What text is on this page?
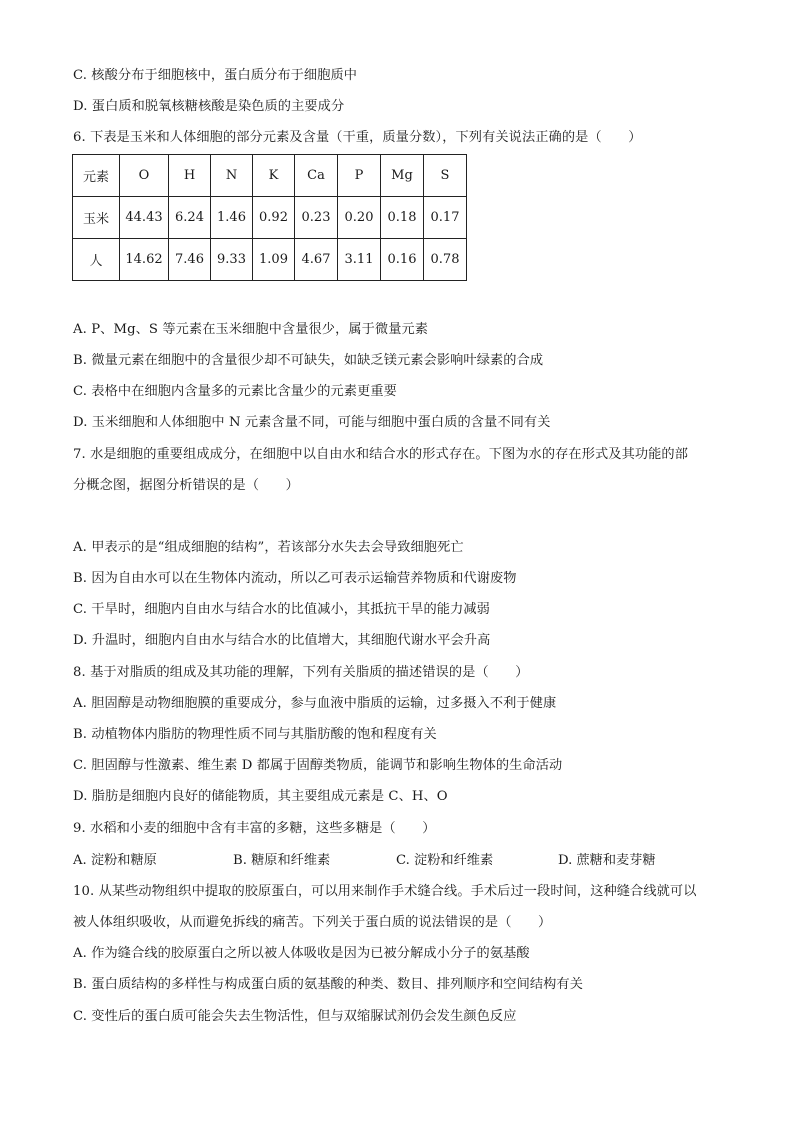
C. 核酸分布于细胞核中，蛋白质分布于细胞质中
D. 蛋白质和脱氧核糖核酸是染色质的主要成分
6. 下表是玉米和人体细胞的部分元素及含量（干重，质量分数），下列有关说法正确的是（　　）
元素	O	H	N	K	Ca	P	Mg	S
玉米	44.43	6.24	1.46	0.92	0.23	0.20	0.18	0.17
人	14.62	7.46	9.33	1.09	4.67	3.11	0.16	0.78
A. P、Mg、S 等元素在玉米细胞中含量很少，属于微量元素
B. 微量元素在细胞中的含量很少却不可缺失，如缺乏镁元素会影响叶绿素的合成
C. 表格中在细胞内含量多的元素比含量少的元素更重要
D. 玉米细胞和人体细胞中 N 元素含量不同，可能与细胞中蛋白质的含量不同有关
7. 水是细胞的重要组成成分，在细胞中以自由水和结合水的形式存在。下图为水的存在形式及其功能的部
分概念图，据图分析错误的是（　　）
A. 甲表示的是“组成细胞的结构”，若该部分水失去会导致细胞死亡
B. 因为自由水可以在生物体内流动，所以乙可表示运输营养物质和代谢废物
C. 干旱时，细胞内自由水与结合水的比值减小，其抵抗干旱的能力减弱
D. 升温时，细胞内自由水与结合水的比值增大，其细胞代谢水平会升高
8. 基于对脂质的组成及其功能的理解，下列有关脂质的描述错误的是（　　）
A. 胆固醇是动物细胞膜的重要成分，参与血液中脂质的运输，过多摄入不利于健康
B. 动植物体内脂肪的物理性质不同与其脂肪酸的饱和程度有关
C. 胆固醇与性激素、维生素 D 都属于固醇类物质，能调节和影响生物体的生命活动
D. 脂肪是细胞内良好的储能物质，其主要组成元素是 C、H、O
9. 水稻和小麦的细胞中含有丰富的多糖，这些多糖是（　　）
A. 淀粉和糖原	B. 糖原和纤维素	C. 淀粉和纤维素	D. 蔗糖和麦芽糖
10. 从某些动物组织中提取的胶原蛋白，可以用来制作手术缝合线。手术后过一段时间，这种缝合线就可以
被人体组织吸收，从而避免拆线的痛苦。下列关于蛋白质的说法错误的是（　　）
A. 作为缝合线的胶原蛋白之所以被人体吸收是因为已被分解成小分子的氨基酸
B. 蛋白质结构的多样性与构成蛋白质的氨基酸的种类、数目、排列顺序和空间结构有关
C. 变性后的蛋白质可能会失去生物活性，但与双缩脲试剂仍会发生颜色反应
